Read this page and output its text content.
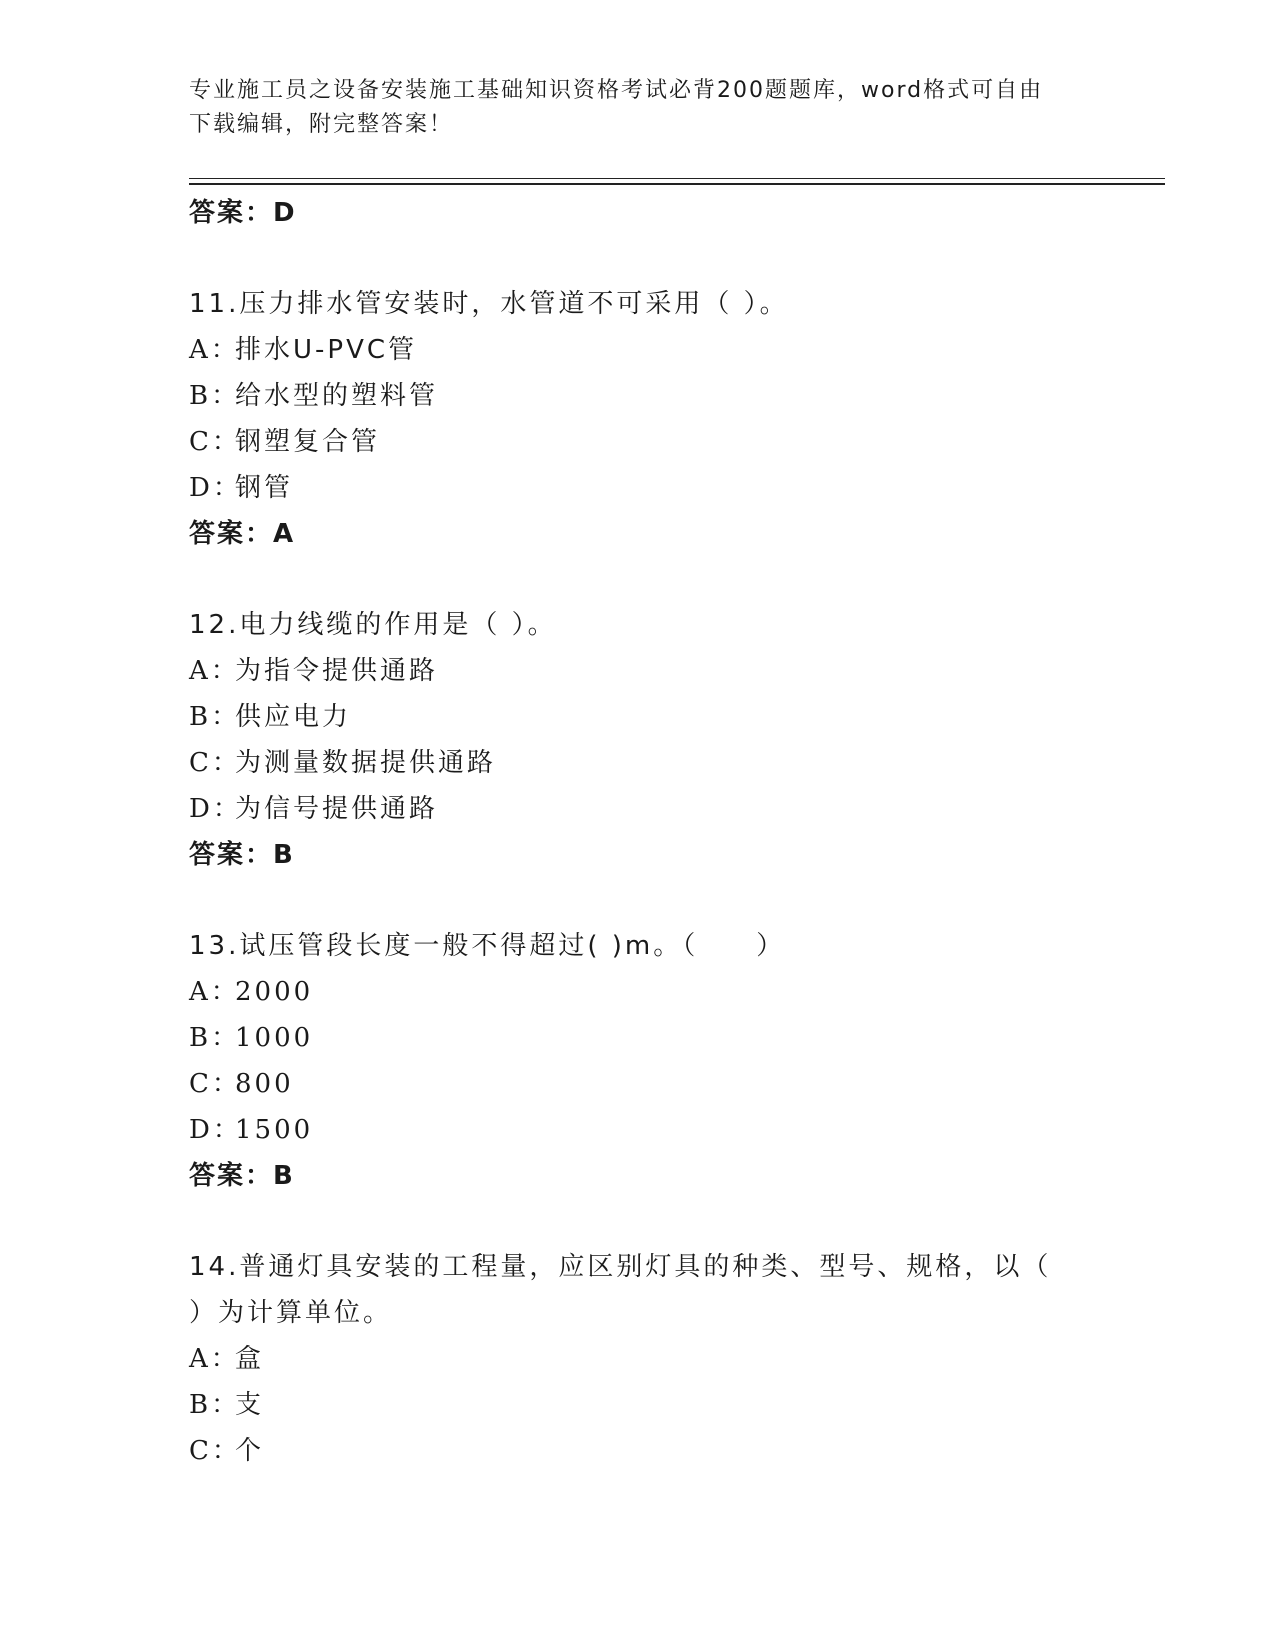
专业施工员之设备安装施工基础知识资格考试必背200题题库，word格式可自由
下载编辑，附完整答案！
答案：D
11.压力排水管安装时，水管道不可采用（ ）。
A：排水U-PVC管
B：给水型的塑料管
C：钢塑复合管
D：钢管
答案：A
12.电力线缆的作用是（ ）。
A：为指令提供通路
B：供应电力
C：为测量数据提供通路
D：为信号提供通路
答案：B
13.试压管段长度一般不得超过( )m。（　　）
A：2000
B：1000
C：800
D：1500
答案：B
14.普通灯具安装的工程量，应区别灯具的种类、型号、规格，以（
）为计算单位。
A：盒
B：支
C：个
